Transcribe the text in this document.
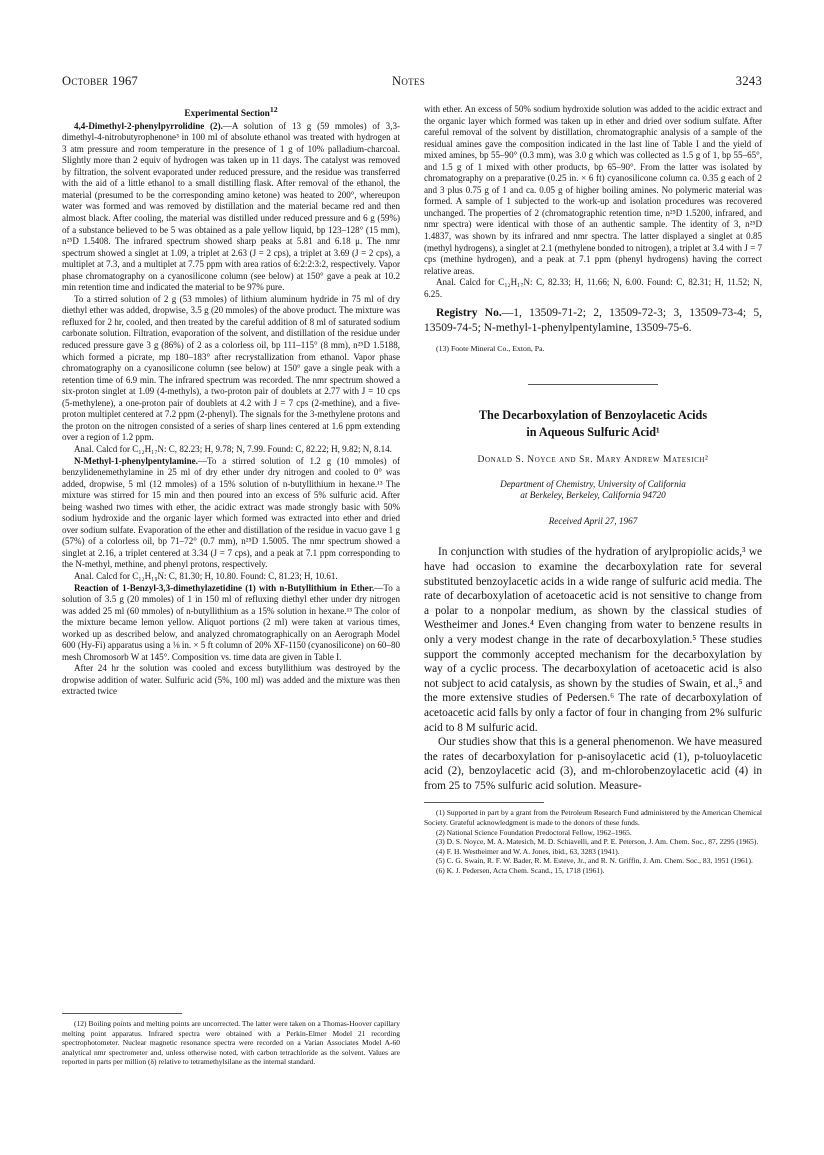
October 1967	Notes	3243

Experimental Section$^{12}$

4,4-Dimethyl-2-phenylpyrrolidine (2).—A solution of 13 g (59 mmoles) of 3,3-dimethyl-4-nitrobutyrophenone³ in 100 ml of absolute ethanol was treated with hydrogen at 3 atm pressure and room temperature in the presence of 1 g of 10% palladium-charcoal. Slightly more than 2 equiv of hydrogen was taken up in 11 days. The catalyst was removed by filtration, the solvent evaporated under reduced pressure, and the residue was transferred with the aid of a little ethanol to a small distilling flask. After removal of the ethanol, the material (presumed to be the corresponding amino ketone) was heated to 200°, whereupon water was formed and was removed by distillation and the material became red and then almost black. After cooling, the material was distilled under reduced pressure and 6 g (59%) of a substance believed to be 5 was obtained as a pale yellow liquid, bp 123–128° (15 mm), n²⁵D 1.5408. The infrared spectrum showed sharp peaks at 5.81 and 6.18 μ. The nmr spectrum showed a singlet at 1.09, a triplet at 2.63 (J = 2 cps), a triplet at 3.69 (J = 2 cps), a multiplet at 7.3, and a multiplet at 7.75 ppm with area ratios of 6:2:2:3:2, respectively. Vapor phase chromatography on a cyanosilicone column (see below) at 150° gave a peak at 10.2 min retention time and indicated the material to be 97% pure.

To a stirred solution of 2 g (53 mmoles) of lithium aluminum hydride in 75 ml of dry diethyl ether was added, dropwise, 3.5 g (20 mmoles) of the above product. The mixture was refluxed for 2 hr, cooled, and then treated by the careful addition of 8 ml of saturated sodium carbonate solution. Filtration, evaporation of the solvent, and distillation of the residue under reduced pressure gave 3 g (86%) of 2 as a colorless oil, bp 111–115° (8 mm), n²⁵D 1.5188, which formed a picrate, mp 180–183° after recrystallization from ethanol. Vapor phase chromatography on a cyanosilicone column (see below) at 150° gave a single peak with a retention time of 6.9 min. The infrared spectrum was recorded. The nmr spectrum showed a six-proton singlet at 1.09 (4-methyls), a two-proton pair of doublets at 2.77 with J = 10 cps (5-methylene), a one-proton pair of doublets at 4.2 with J = 7 cps (2-methine), and a five-proton multiplet centered at 7.2 ppm (2-phenyl). The signals for the 3-methylene protons and the proton on the nitrogen consisted of a series of sharp lines centered at 1.6 ppm extending over a region of 1.2 ppm.

Anal. Calcd for C₁₂H₁₇N: C, 82.23; H, 9.78; N, 7.99. Found: C, 82.22; H, 9.82; N, 8.14.

N-Methyl-1-phenylpentylamine.—To a stirred solution of 1.2 g (10 mmoles) of benzylidenemethylamine in 25 ml of dry ether under dry nitrogen and cooled to 0° was added, dropwise, 5 ml (12 mmoles) of a 15% solution of n-butyllithium in hexane.¹³ The mixture was stirred for 15 min and then poured into an excess of 5% sulfuric acid. After being washed two times with ether, the acidic extract was made strongly basic with 50% sodium hydroxide and the organic layer which formed was extracted into ether and dried over sodium sulfate. Evaporation of the ether and distillation of the residue in vacuo gave 1 g (57%) of a colorless oil, bp 71–72° (0.7 mm), n²⁵D 1.5005. The nmr spectrum showed a singlet at 2.16, a triplet centered at 3.34 (J = 7 cps), and a peak at 7.1 ppm corresponding to the N-methyl, methine, and phenyl protons, respectively.

Anal. Calcd for C₁₂H₁₉N: C, 81.30; H, 10.80. Found: C, 81.23; H, 10.61.

Reaction of 1-Benzyl-3,3-dimethylazetidine (1) with n-Butyllithium in Ether.—To a solution of 3.5 g (20 mmoles) of 1 in 150 ml of refluxing diethyl ether under dry nitrogen was added 25 ml (60 mmoles) of n-butyllithium as a 15% solution in hexane.¹³ The color of the mixture became lemon yellow. Aliquot portions (2 ml) were taken at various times, worked up as described below, and analyzed chromatographically on an Aerograph Model 600 (Hy-Fi) apparatus using a ⅛ in. × 5 ft column of 20% XF-1150 (cyanosilicone) on 60–80 mesh Chromosorb W at 145°. Composition vs. time data are given in Table I.

After 24 hr the solution was cooled and excess butyllithium was destroyed by the dropwise addition of water. Sulfuric acid (5%, 100 ml) was added and the mixture was then extracted twice

(12) Boiling points and melting points are uncorrected. The latter were taken on a Thomas-Hoover capillary melting point apparatus. Infrared spectra were obtained with a Perkin-Elmer Model 21 recording spectrophotometer. Nuclear magnetic resonance spectra were recorded on a Varian Associates Model A-60 analytical nmr spectrometer and, unless otherwise noted, with carbon tetrachloride as the solvent. Values are reported in parts per million (δ) relative to tetramethylsilane as the internal standard.

with ether. An excess of 50% sodium hydroxide solution was added to the acidic extract and the organic layer which formed was taken up in ether and dried over sodium sulfate. After careful removal of the solvent by distillation, chromatographic analysis of a sample of the residual amines gave the composition indicated in the last line of Table I and the yield of mixed amines, bp 55–90° (0.3 mm), was 3.0 g which was collected as 1.5 g of 1, bp 55–65°, and 1.5 g of 1 mixed with other products, bp 65–90°. From the latter was isolated by chromatography on a preparative (0.25 in. × 6 ft) cyanosilicone column ca. 0.35 g each of 2 and 3 plus 0.75 g of 1 and ca. 0.05 g of higher boiling amines. No polymeric material was formed. A sample of 1 subjected to the work-up and isolation procedures was recovered unchanged. The properties of 2 (chromatographic retention time, n²⁵D 1.5200, infrared, and nmr spectra) were identical with those of an authentic sample. The identity of 3, n²⁵D 1.4837, was shown by its infrared and nmr spectra. The latter displayed a singlet at 0.85 (methyl hydrogens), a singlet at 2.1 (methylene bonded to nitrogen), a triplet at 3.4 with J = 7 cps (methine hydrogen), and a peak at 7.1 ppm (phenyl hydrogens) having the correct relative areas.

Anal. Calcd for C₁₂H₁₇N: C, 82.33; H, 11.66; N, 6.00. Found: C, 82.31; H, 11.52; N, 6.25.

Registry No.—1, 13509-71-2; 2, 13509-72-3; 3, 13509-73-4; 5, 13509-74-5; N-methyl-1-phenylpentylamine, 13509-75-6.

(13) Foote Mineral Co., Exton, Pa.

The Decarboxylation of Benzoylacetic Acids
in Aqueous Sulfuric Acid¹

Donald S. Noyce and Sr. Mary Andrew Matesich²

Department of Chemistry, University of California
at Berkeley, Berkeley, California 94720

Received April 27, 1967

In conjunction with studies of the hydration of arylpropiolic acids,³ we have had occasion to examine the decarboxylation rate for several substituted benzoylacetic acids in a wide range of sulfuric acid media. The rate of decarboxylation of acetoacetic acid is not sensitive to change from a polar to a nonpolar medium, as shown by the classical studies of Westheimer and Jones.⁴ Even changing from water to benzene results in only a very modest change in the rate of decarboxylation.⁵ These studies support the commonly accepted mechanism for the decarboxylation by way of a cyclic process. The decarboxylation of acetoacetic acid is also not subject to acid catalysis, as shown by the studies of Swain, et al.,⁵ and the more extensive studies of Pedersen.⁶ The rate of decarboxylation of acetoacetic acid falls by only a factor of four in changing from 2% sulfuric acid to 8 M sulfuric acid.

Our studies show that this is a general phenomenon. We have measured the rates of decarboxylation for p-anisoylacetic acid (1), p-toluoylacetic acid (2), benzoylacetic acid (3), and m-chlorobenzoylacetic acid (4) in from 25 to 75% sulfuric acid solution. Measure-

(1) Supported in part by a grant from the Petroleum Research Fund administered by the American Chemical Society. Grateful acknowledgment is made to the donors of these funds.

(2) National Science Foundation Predoctoral Fellow, 1962–1965.

(3) D. S. Noyce, M. A. Matesich, M. D. Schiavelli, and P. E. Peterson, J. Am. Chem. Soc., 87, 2295 (1965).

(4) F. H. Westheimer and W. A. Jones, ibid., 63, 3283 (1941).

(5) C. G. Swain, R. F. W. Bader, R. M. Esteve, Jr., and R. N. Griffin, J. Am. Chem. Soc., 83, 1951 (1961).

(6) K. J. Pedersen, Acta Chem. Scand., 15, 1718 (1961).
